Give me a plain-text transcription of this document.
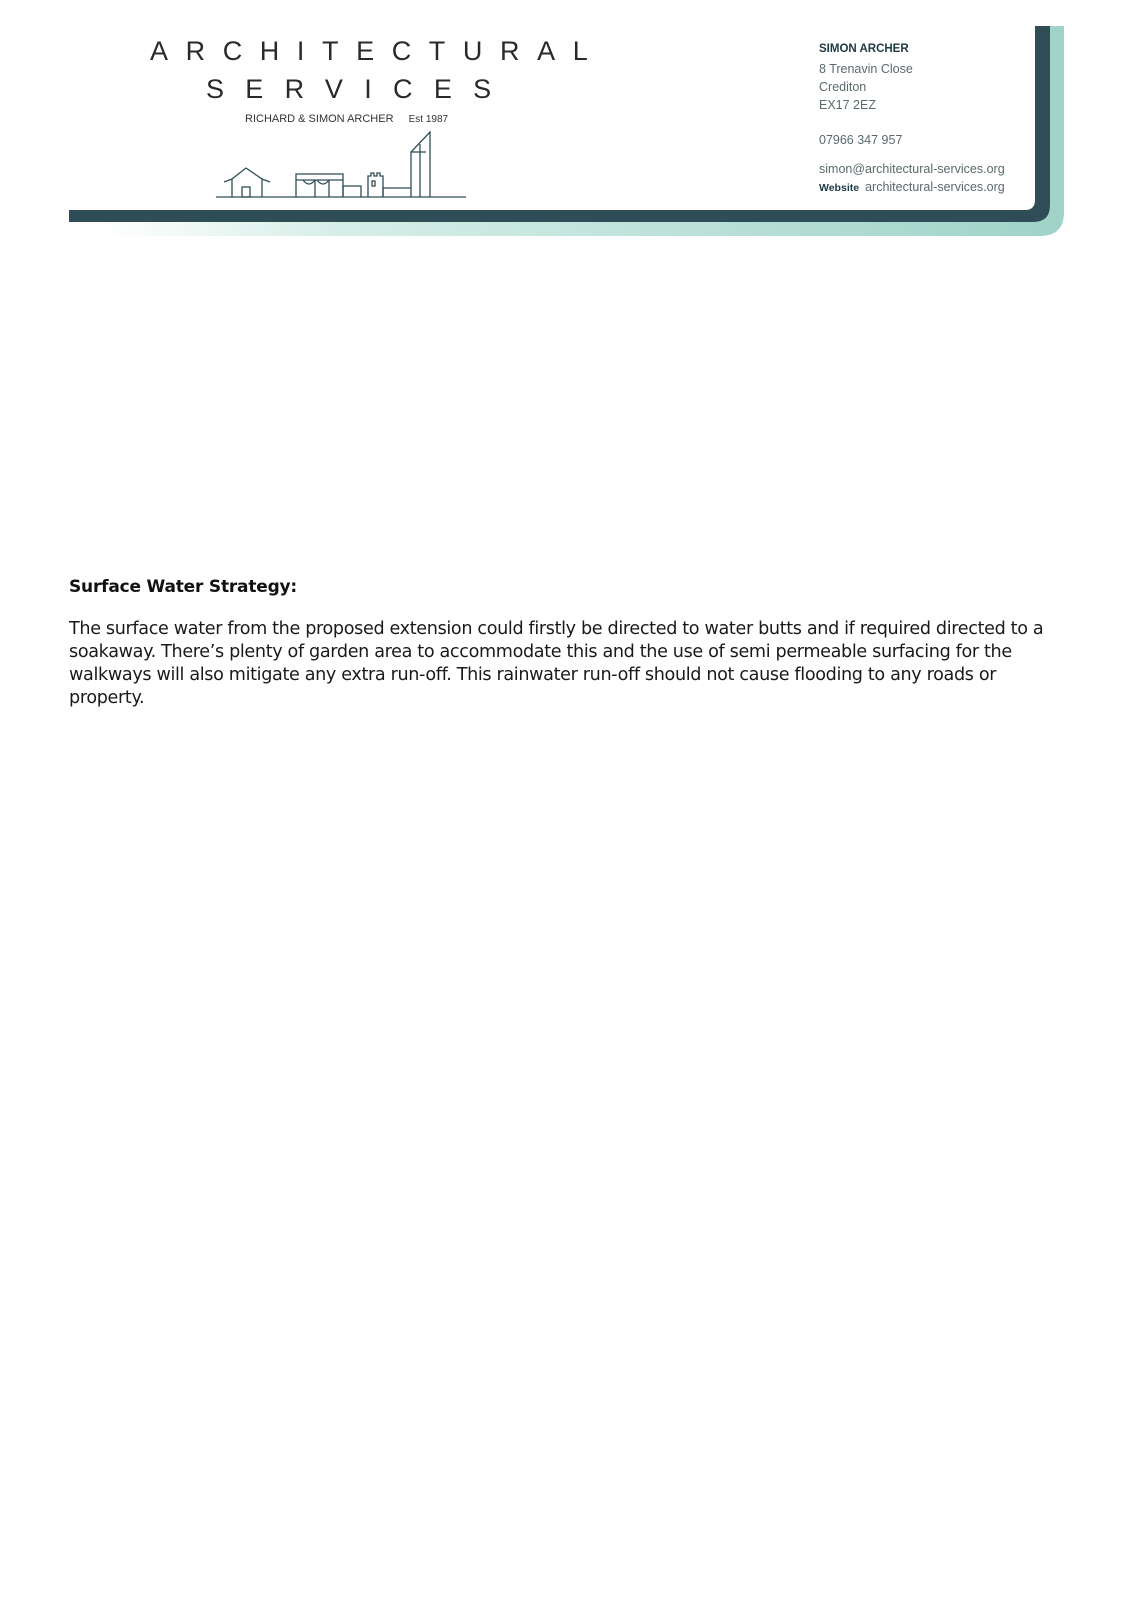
ARCHITECTURAL
SERVICES
RICHARD & SIMON ARCHER Est 1987
SIMON ARCHER
8 Trenavin Close
Crediton
EX17 2EZ
07966 347 957
simon@architectural-services.org
Website architectural-services.org
Surface Water Strategy:

The surface water from the proposed extension could firstly be directed to water butts and if required directed to a soakaway. There’s plenty of garden area to accommodate this and the use of semi permeable surfacing for the walkways will also mitigate any extra run-off. This rainwater run-off should not cause flooding to any roads or property.
